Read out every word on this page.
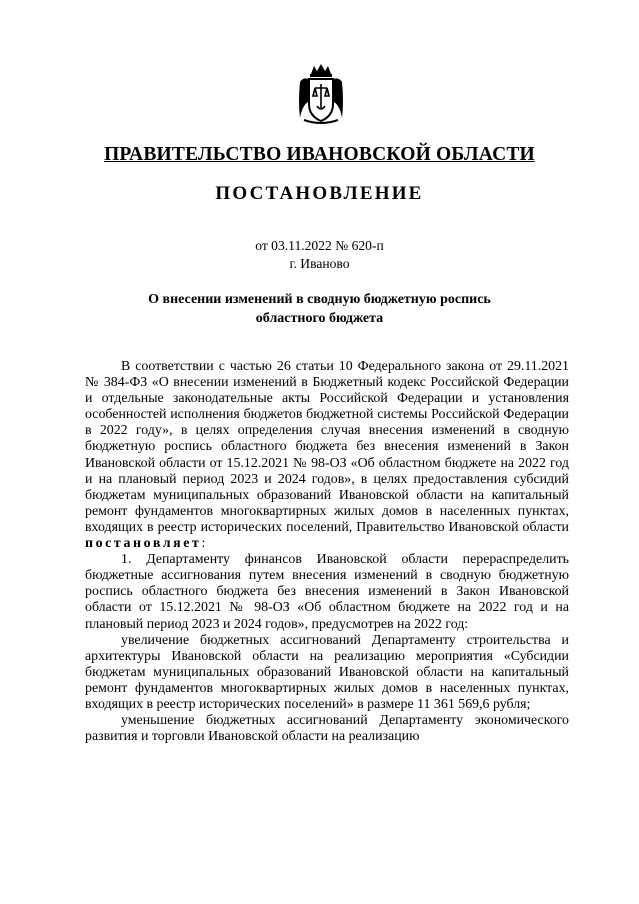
ПРАВИТЕЛЬСТВО ИВАНОВСКОЙ ОБЛАСТИ
ПОСТАНОВЛЕНИЕ
от 03.11.2022 № 620-п
г. Иваново
О внесении изменений в сводную бюджетную роспись
областного бюджета

В соответствии с частью 26 статьи 10 Федерального закона от 29.11.2021 № 384-ФЗ «О внесении изменений в Бюджетный кодекс Российской Федерации и отдельные законодательные акты Российской Федерации и установления особенностей исполнения бюджетов бюджетной системы Российской Федерации в 2022 году», в целях определения случая внесения изменений в сводную бюджетную роспись областного бюджета без внесения изменений в Закон Ивановской области от 15.12.2021 № 98-ОЗ «Об областном бюджете на 2022 год и на плановый период 2023 и 2024 годов», в целях предоставления субсидий бюджетам муниципальных образований Ивановской области на капитальный ремонт фундаментов многоквартирных жилых домов в населенных пунктах, входящих в реестр исторических поселений, Правительство Ивановской области постановляет:

1. Департаменту финансов Ивановской области перераспределить бюджетные ассигнования путем внесения изменений в сводную бюджетную роспись областного бюджета без внесения изменений в Закон Ивановской области от 15.12.2021 № 98-ОЗ «Об областном бюджете на 2022 год и на плановый период 2023 и 2024 годов», предусмотрев на 2022 год:

увеличение бюджетных ассигнований Департаменту строительства и архитектуры Ивановской области на реализацию мероприятия «Субсидии бюджетам муниципальных образований Ивановской области на капитальный ремонт фундаментов многоквартирных жилых домов в населенных пунктах, входящих в реестр исторических поселений» в размере 11 361 569,6 рубля;

уменьшение бюджетных ассигнований Департаменту экономического развития и торговли Ивановской области на реализацию
